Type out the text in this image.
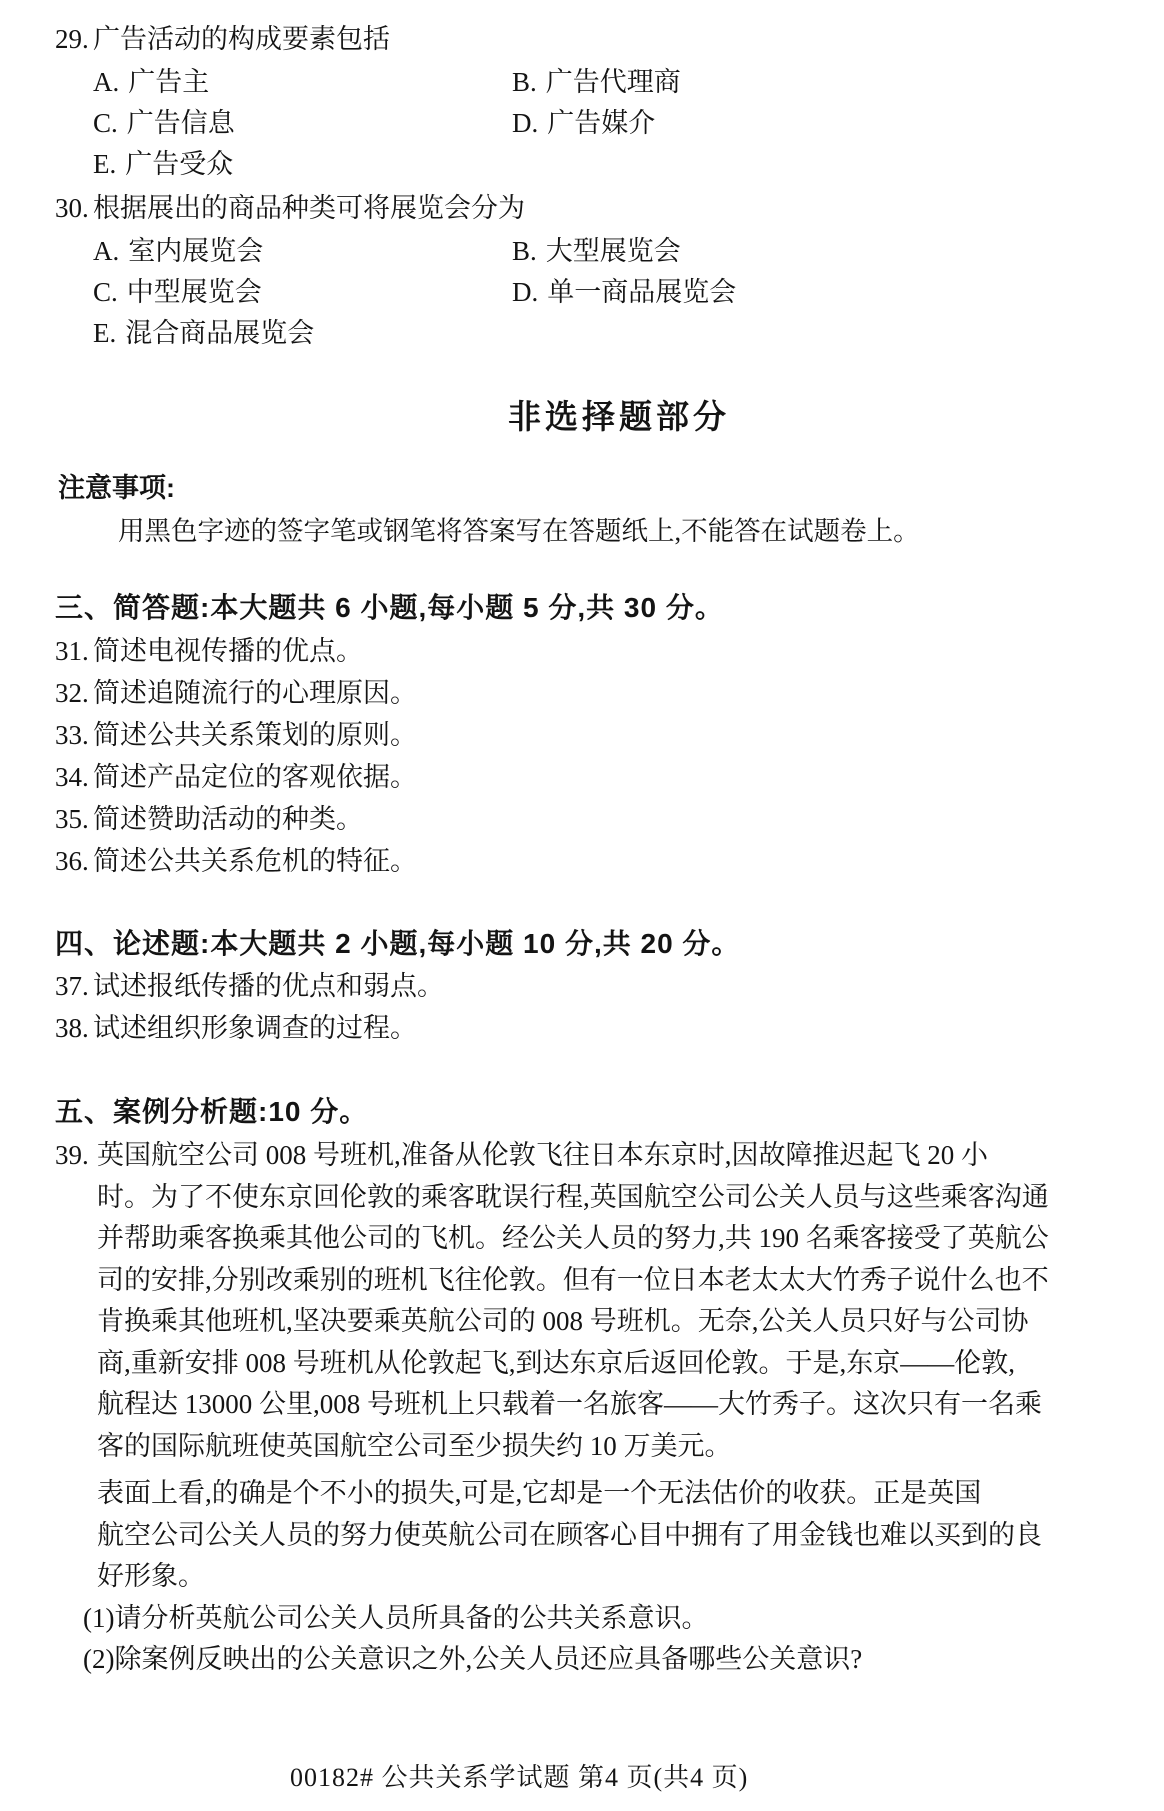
29. 广告活动的构成要素包括
A. 广告主	B. 广告代理商
C. 广告信息	D. 广告媒介
E. 广告受众
30. 根据展出的商品种类可将展览会分为
A. 室内展览会	B. 大型展览会
C. 中型展览会	D. 单一商品展览会
E. 混合商品展览会
非选择题部分
注意事项:
用黑色字迹的签字笔或钢笔将答案写在答题纸上,不能答在试题卷上。
三、简答题:本大题共 6 小题,每小题 5 分,共 30 分。
31. 简述电视传播的优点。
32. 简述追随流行的心理原因。
33. 简述公共关系策划的原则。
34. 简述产品定位的客观依据。
35. 简述赞助活动的种类。
36. 简述公共关系危机的特征。
四、论述题:本大题共 2 小题,每小题 10 分,共 20 分。
37. 试述报纸传播的优点和弱点。
38. 试述组织形象调查的过程。
五、案例分析题:10 分。
39. 英国航空公司 008 号班机,准备从伦敦飞往日本东京时,因故障推迟起飞 20 小
时。为了不使东京回伦敦的乘客耽误行程,英国航空公司公关人员与这些乘客沟通
并帮助乘客换乘其他公司的飞机。经公关人员的努力,共 190 名乘客接受了英航公
司的安排,分别改乘别的班机飞往伦敦。但有一位日本老太太大竹秀子说什么也不
肯换乘其他班机,坚决要乘英航公司的 008 号班机。无奈,公关人员只好与公司协
商,重新安排 008 号班机从伦敦起飞,到达东京后返回伦敦。于是,东京——伦敦,
航程达 13000 公里,008 号班机上只载着一名旅客——大竹秀子。这次只有一名乘
客的国际航班使英国航空公司至少损失约 10 万美元。
表面上看,的确是个不小的损失,可是,它却是一个无法估价的收获。正是英国
航空公司公关人员的努力使英航公司在顾客心目中拥有了用金钱也难以买到的良
好形象。
(1)请分析英航公司公关人员所具备的公共关系意识。
(2)除案例反映出的公关意识之外,公关人员还应具备哪些公关意识?
00182# 公共关系学试题 第4 页(共4 页)
